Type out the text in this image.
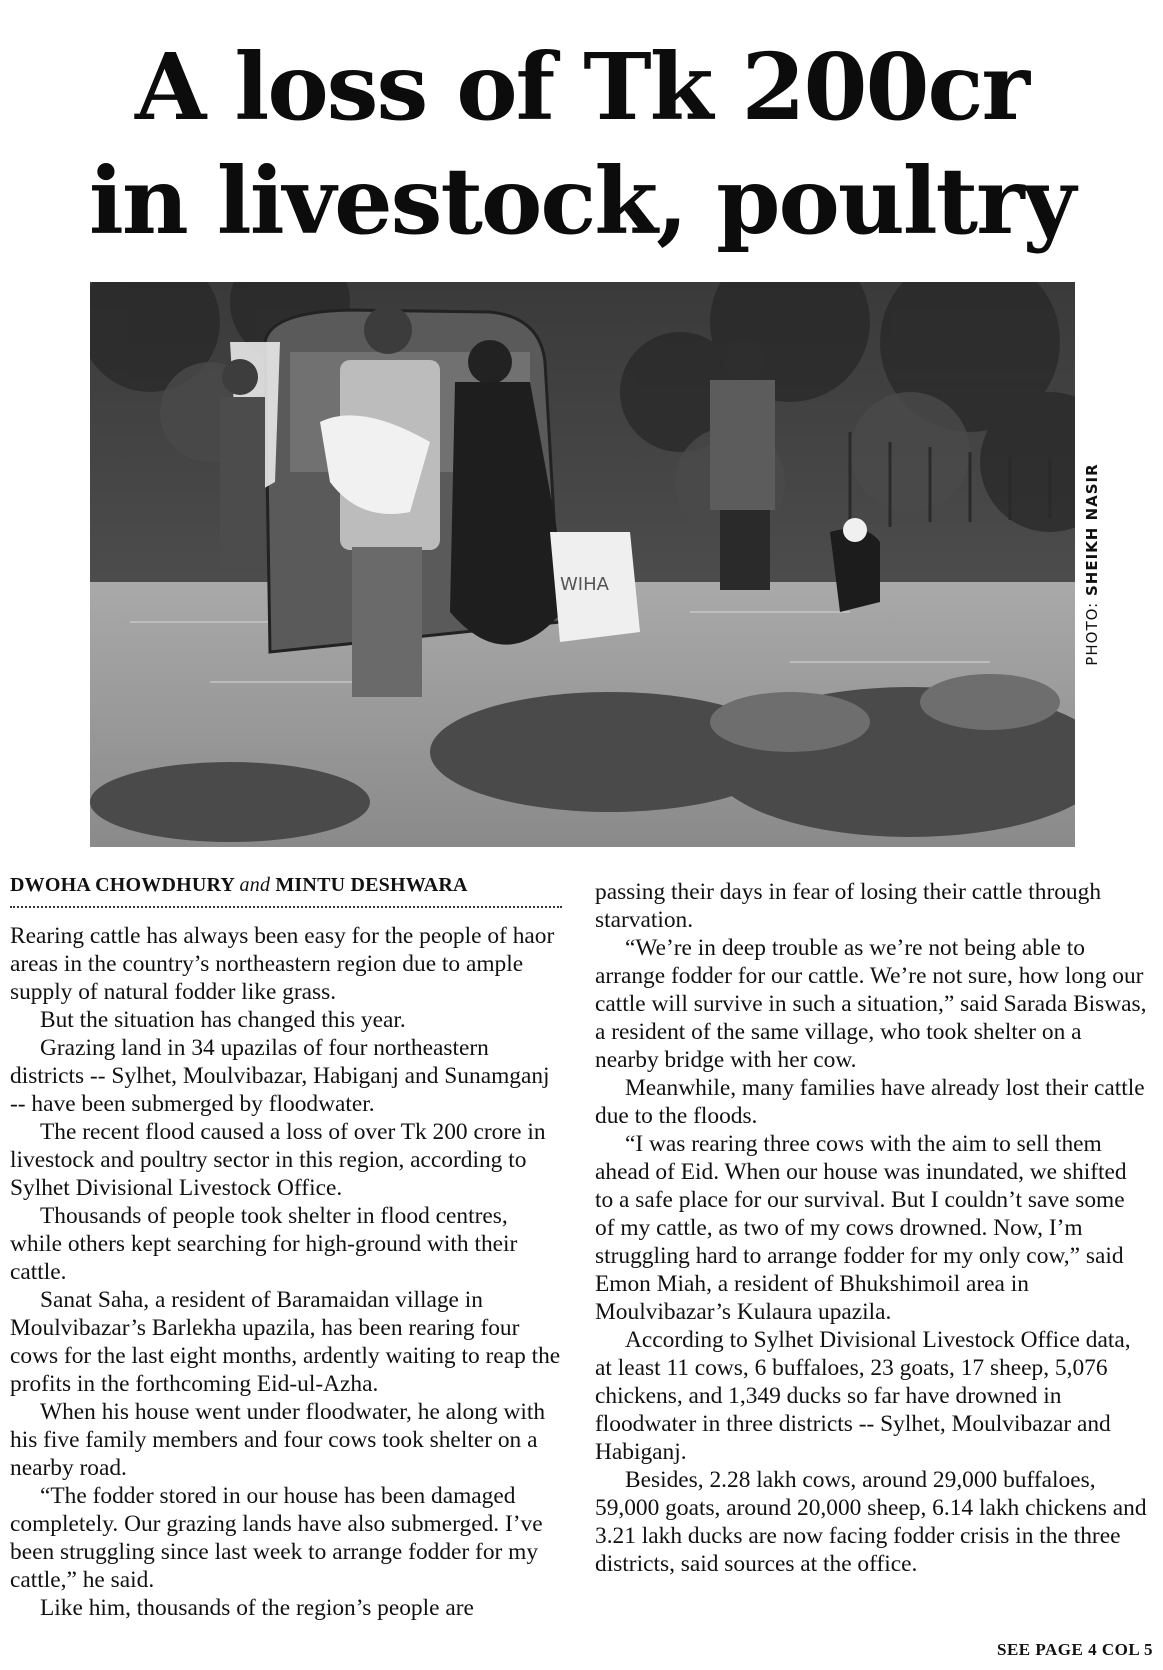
A loss of Tk 200cr
in livestock, poultry
WIHA
PHOTO: SHEIKH NASIR
DWOHA CHOWDHURY and MINTU DESHWARA

Rearing cattle has always been easy for the people of haor areas in the country’s northeastern region due to ample supply of natural fodder like grass.

But the situation has changed this year.

Grazing land in 34 upazilas of four northeastern districts -- Sylhet, Moulvibazar, Habiganj and Sunamganj -- have been submerged by floodwater.

The recent flood caused a loss of over Tk 200 crore in livestock and poultry sector in this region, according to Sylhet Divisional Livestock Office.

Thousands of people took shelter in flood centres, while others kept searching for high-ground with their cattle.

Sanat Saha, a resident of Baramaidan village in Moulvibazar’s Barlekha upazila, has been rearing four cows for the last eight months, ardently waiting to reap the profits in the forthcoming Eid-ul-Azha.

When his house went under floodwater, he along with his five family members and four cows took shelter on a nearby road.

“The fodder stored in our house has been damaged completely. Our grazing lands have also submerged. I’ve been struggling since last week to arrange fodder for my cattle,” he said.

Like him, thousands of the region’s people are

passing their days in fear of losing their cattle through starvation.

“We’re in deep trouble as we’re not being able to arrange fodder for our cattle. We’re not sure, how long our cattle will survive in such a situation,” said Sarada Biswas, a resident of the same village, who took shelter on a nearby bridge with her cow.

Meanwhile, many families have already lost their cattle due to the floods.

“I was rearing three cows with the aim to sell them ahead of Eid. When our house was inundated, we shifted to a safe place for our survival. But I couldn’t save some of my cattle, as two of my cows drowned. Now, I’m struggling hard to arrange fodder for my only cow,” said Emon Miah, a resident of Bhukshimoil area in Moulvibazar’s Kulaura upazila.

According to Sylhet Divisional Livestock Office data, at least 11 cows, 6 buffaloes, 23 goats, 17 sheep, 5,076 chickens, and 1,349 ducks so far have drowned in floodwater in three districts -- Sylhet, Moulvibazar and Habiganj.

Besides, 2.28 lakh cows, around 29,000 buffaloes, 59,000 goats, around 20,000 sheep, 6.14 lakh chickens and 3.21 lakh ducks are now facing fodder crisis in the three districts, said sources at the office.

SEE PAGE 4 COL 5
